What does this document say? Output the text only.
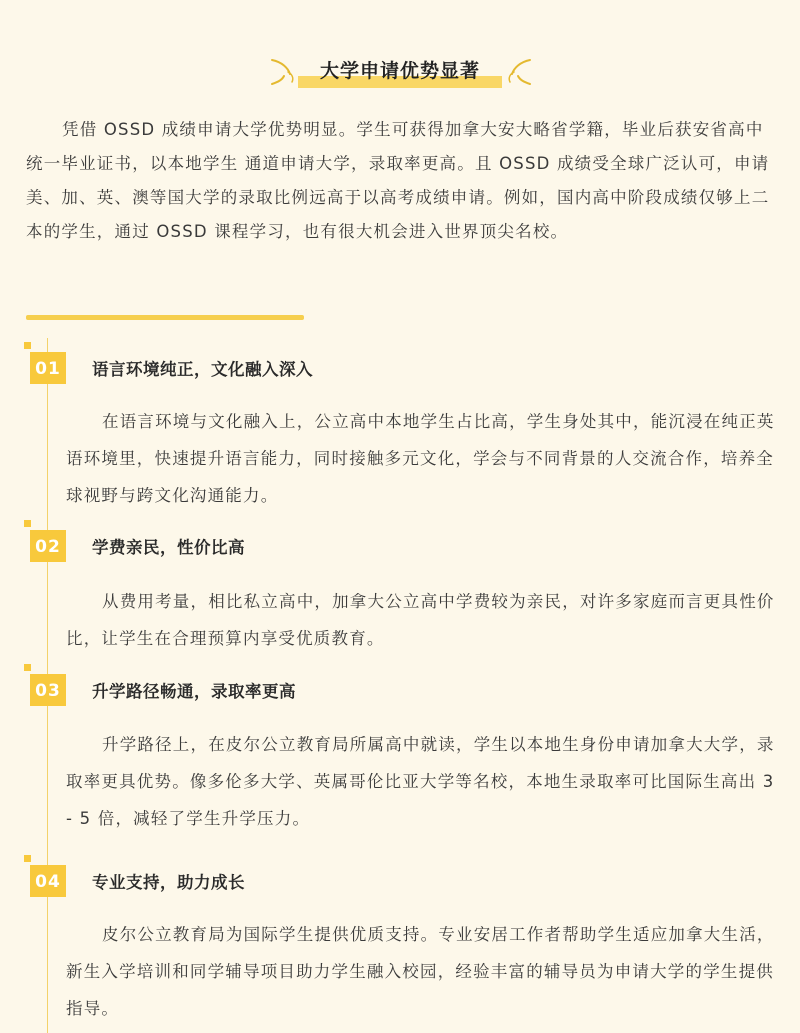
大学申请优势显著
凭借 OSSD 成绩申请大学优势明显。学生可获得加拿大安大略省学籍，毕业后获安省高中统一毕业证书，以本地学生 通道申请大学，录取率更高。且 OSSD 成绩受全球广泛认可，申请美、加、英、澳等国大学的录取比例远高于以高考成绩申请。例如，国内高中阶段成绩仅够上二本的学生，通过 OSSD 课程学习，也有很大机会进入世界顶尖名校。
01	语言环境纯正，文化融入深入
在语言环境与文化融入上，公立高中本地学生占比高，学生身处其中，能沉浸在纯正英语环境里，快速提升语言能力，同时接触多元文化，学会与不同背景的人交流合作，培养全球视野与跨文化沟通能力。
02	学费亲民，性价比高
从费用考量，相比私立高中，加拿大公立高中学费较为亲民，对许多家庭而言更具性价比，让学生在合理预算内享受优质教育。
03	升学路径畅通，录取率更高
升学路径上，在皮尔公立教育局所属高中就读，学生以本地生身份申请加拿大大学，录取率更具优势。像多伦多大学、英属哥伦比亚大学等名校，本地生录取率可比国际生高出 3 - 5 倍，减轻了学生升学压力。
04	专业支持，助力成长
皮尔公立教育局为国际学生提供优质支持。专业安居工作者帮助学生适应加拿大生活，新生入学培训和同学辅导项目助力学生融入校园，经验丰富的辅导员为申请大学的学生提供指导。
